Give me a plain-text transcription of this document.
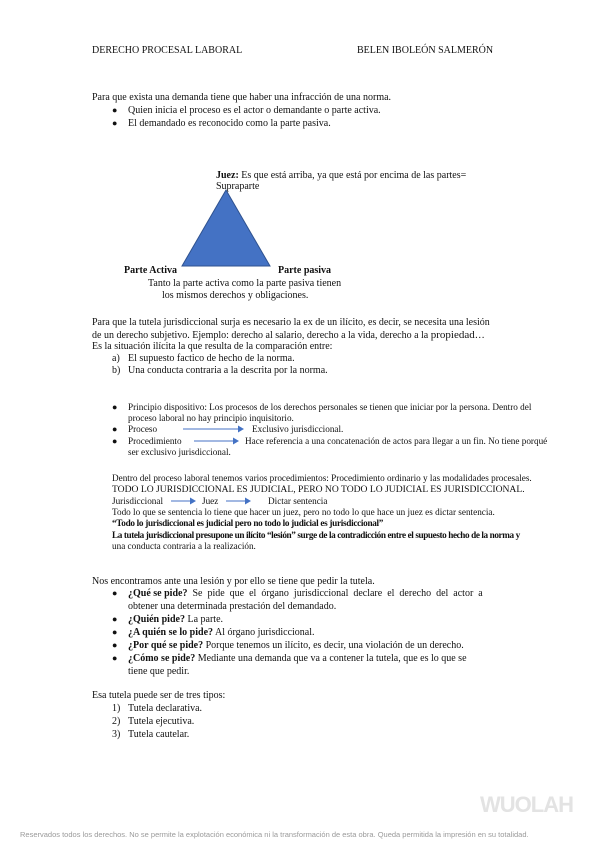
DERECHO PROCESAL LABORAL	BELEN IBOLEÓN SALMERÓN
Para que exista una demanda tiene que haber una infracción de una norma.
● Quien inicia el proceso es el actor o demandante o parte activa.
● El demandado es reconocido como la parte pasiva.
Juez: Es que está arriba, ya que está por encima de las partes=
Supraparte
Parte Activa	Parte pasiva
Tanto la parte activa como la parte pasiva tienen
los mismos derechos y obligaciones.
Para que la tutela jurisdiccional surja es necesario la ex de un ilícito, es decir, se necesita una lesión
de un derecho subjetivo. Ejemplo: derecho al salario, derecho a la vida, derecho a la propiedad…
Es la situación ilícita la que resulta de la comparación entre:
a) El supuesto factico de hecho de la norma.
b) Una conducta contraria a la descrita por la norma.
● Principio dispositivo: Los procesos de los derechos personales se tienen que iniciar por la persona. Dentro del
proceso laboral no hay principio inquisitorio.
● Proceso	Exclusivo jurisdiccional.
● Procedimiento	Hace referencia a una concatenación de actos para llegar a un fin. No tiene porqué
ser exclusivo jurisdiccional.
Dentro del proceso laboral tenemos varios procedimientos: Procedimiento ordinario y las modalidades procesales.
TODO LO JURISDICCIONAL ES JUDICIAL, PERO NO TODO LO JUDICIAL ES JURISDICCIONAL.
Jurisdiccional	Juez	Dictar sentencia
Todo lo que se sentencia lo tiene que hacer un juez, pero no todo lo que hace un juez es dictar sentencia.
“Todo lo jurisdiccional es judicial pero no todo lo judicial es jurisdiccional”
La tutela jurisdiccional presupone un ilícito “lesión” surge de la contradicción entre el supuesto hecho de la norma y
una conducta contraria a la realización.
Nos encontramos ante una lesión y por ello se tiene que pedir la tutela.
● ¿Qué se pide? Se pide que el órgano jurisdiccional declare el derecho del actor a
obtener una determinada prestación del demandado.
● ¿Quién pide? La parte.
● ¿A quién se lo pide? Al órgano jurisdiccional.
● ¿Por qué se pide? Porque tenemos un ilícito, es decir, una violación de un derecho.
● ¿Cómo se pide? Mediante una demanda que va a contener la tutela, que es lo que se
tiene que pedir.
Esa tutela puede ser de tres tipos:
1) Tutela declarativa.
2) Tutela ejecutiva.
3) Tutela cautelar.
WUOLAH
Reservados todos los derechos. No se permite la explotación económica ni la transformación de esta obra. Queda permitida la impresión en su totalidad.
